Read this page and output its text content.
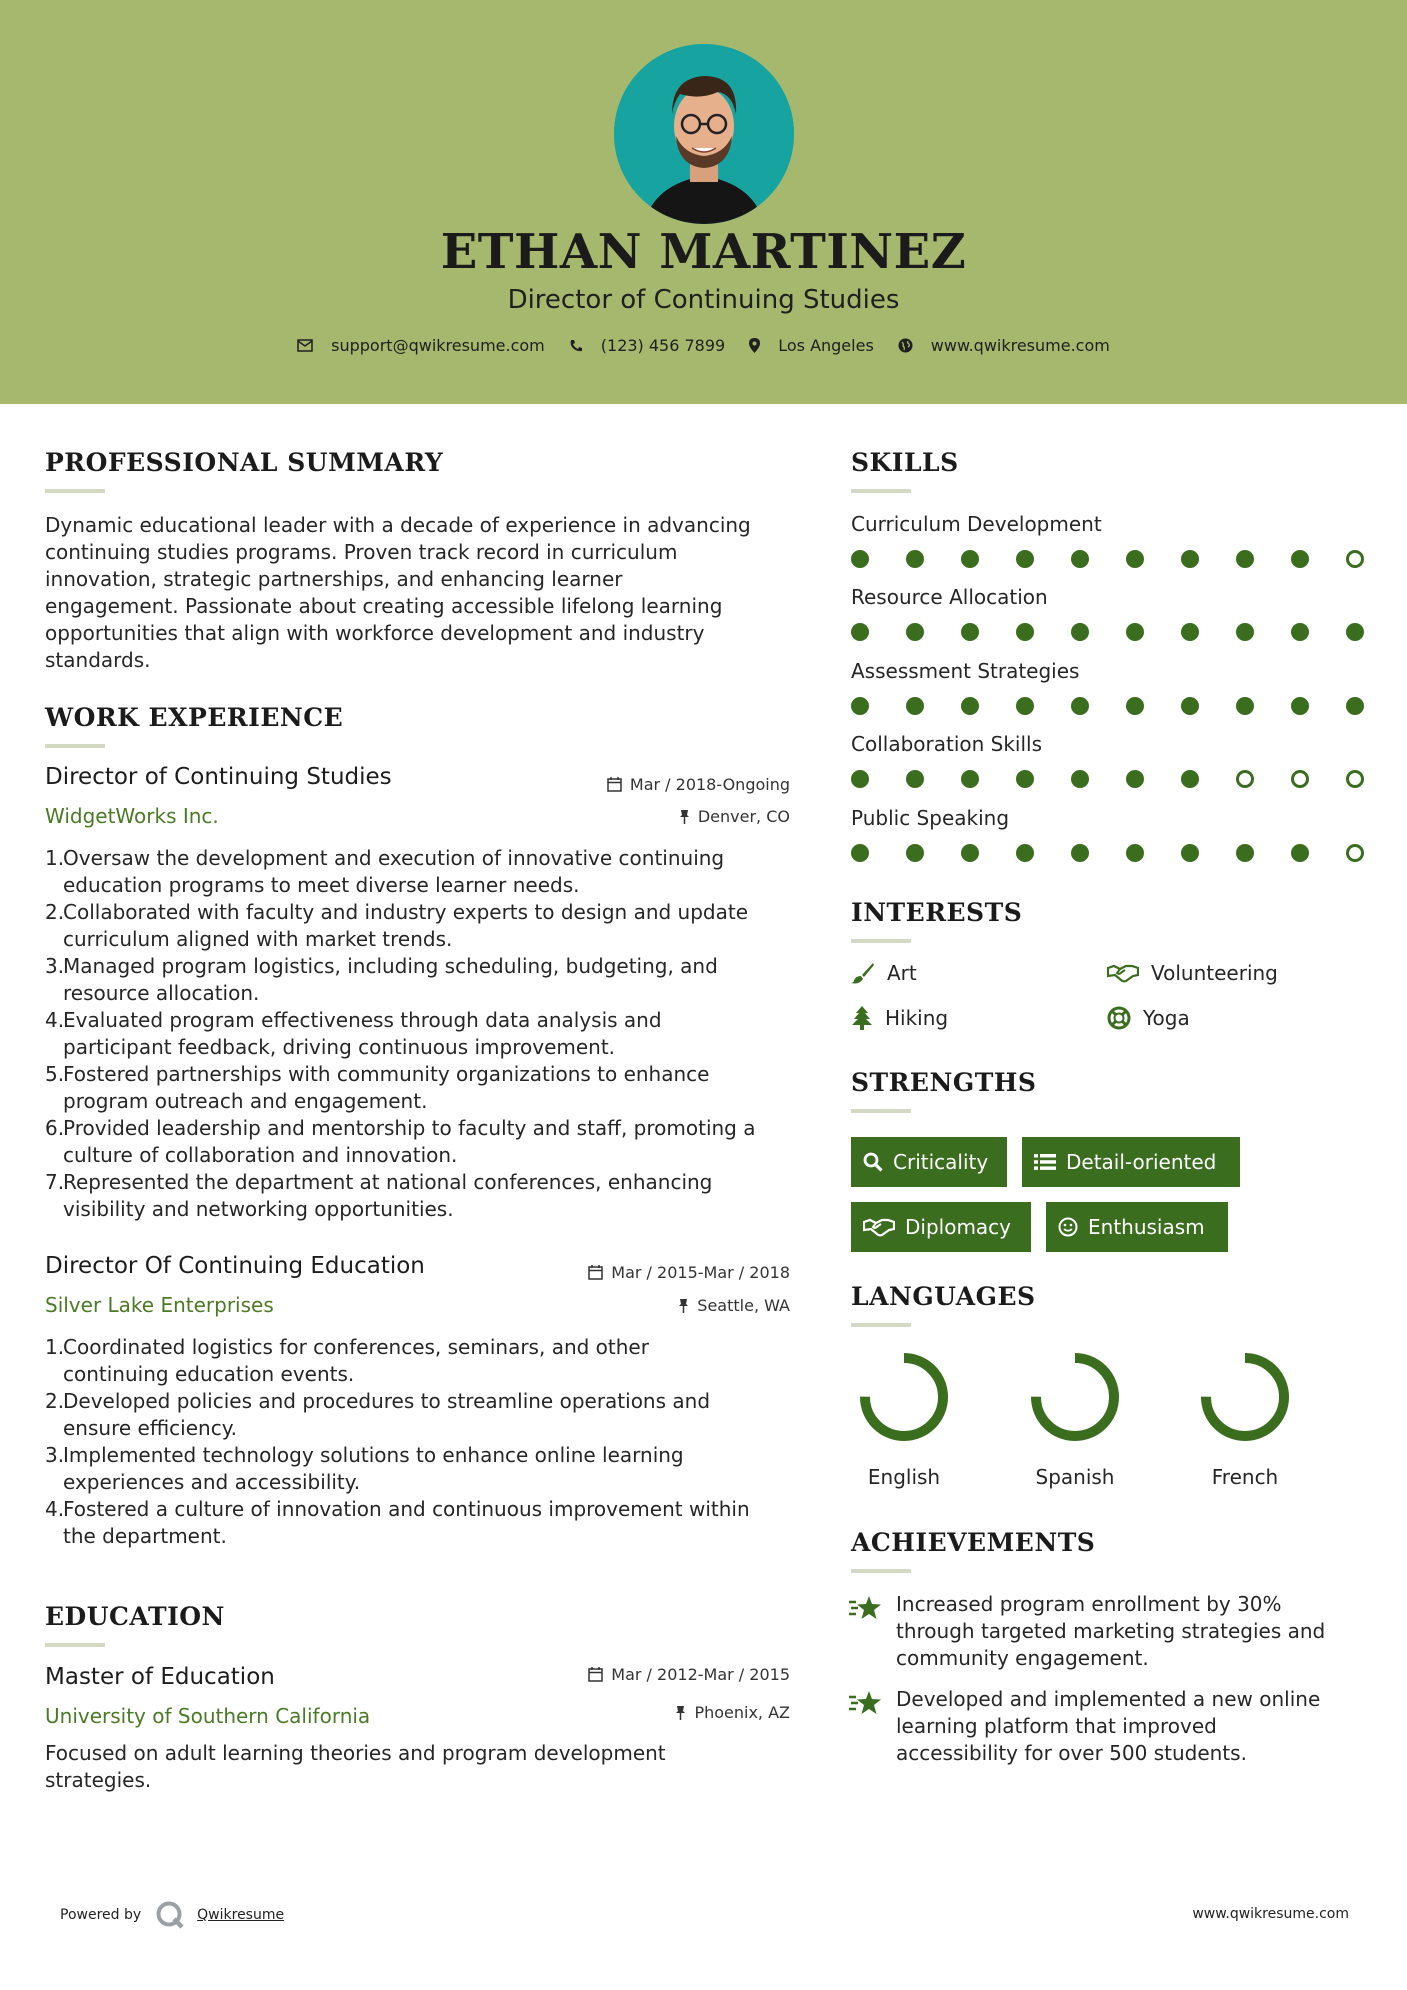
ETHAN MARTINEZ
Director of Continuing Studies
support@qwikresume.com	(123) 456 7899	Los Angeles	www.qwikresume.com
PROFESSIONAL SUMMARY
Dynamic educational leader with a decade of experience in advancing
continuing studies programs. Proven track record in curriculum
innovation, strategic partnerships, and enhancing learner
engagement. Passionate about creating accessible lifelong learning
opportunities that align with workforce development and industry
standards.
WORK EXPERIENCE
Director of Continuing Studies
WidgetWorks Inc.
Mar / 2018-Ongoing
Denver, CO
1.
Oversaw the development and execution of innovative continuing
education programs to meet diverse learner needs.
2.
Collaborated with faculty and industry experts to design and update
curriculum aligned with market trends.
3.
Managed program logistics, including scheduling, budgeting, and
resource allocation.
4.
Evaluated program effectiveness through data analysis and
participant feedback, driving continuous improvement.
5.
Fostered partnerships with community organizations to enhance
program outreach and engagement.
6.
Provided leadership and mentorship to faculty and staff, promoting a
culture of collaboration and innovation.
7.
Represented the department at national conferences, enhancing
visibility and networking opportunities.
Director Of Continuing Education
Silver Lake Enterprises
Mar / 2015-Mar / 2018
Seattle, WA
1.
Coordinated logistics for conferences, seminars, and other
continuing education events.
2.
Developed policies and procedures to streamline operations and
ensure efficiency.
3.
Implemented technology solutions to enhance online learning
experiences and accessibility.
4.
Fostered a culture of innovation and continuous improvement within
the department.
EDUCATION
Master of Education
University of Southern California
Mar / 2012-Mar / 2015
Phoenix, AZ
Focused on adult learning theories and program development
strategies.
SKILLS
Curriculum Development
Resource Allocation
Assessment Strategies
Collaboration Skills
Public Speaking
INTERESTS
Art	Volunteering
Hiking	Yoga
STRENGTHS
Criticality	Detail-oriented
Diplomacy	Enthusiasm
LANGUAGES
English	Spanish	French
ACHIEVEMENTS
Increased program enrollment by 30%
through targeted marketing strategies and
community engagement.
Developed and implemented a new online
learning platform that improved
accessibility for over 500 students.
Powered by	Qwikresume	www.qwikresume.com
